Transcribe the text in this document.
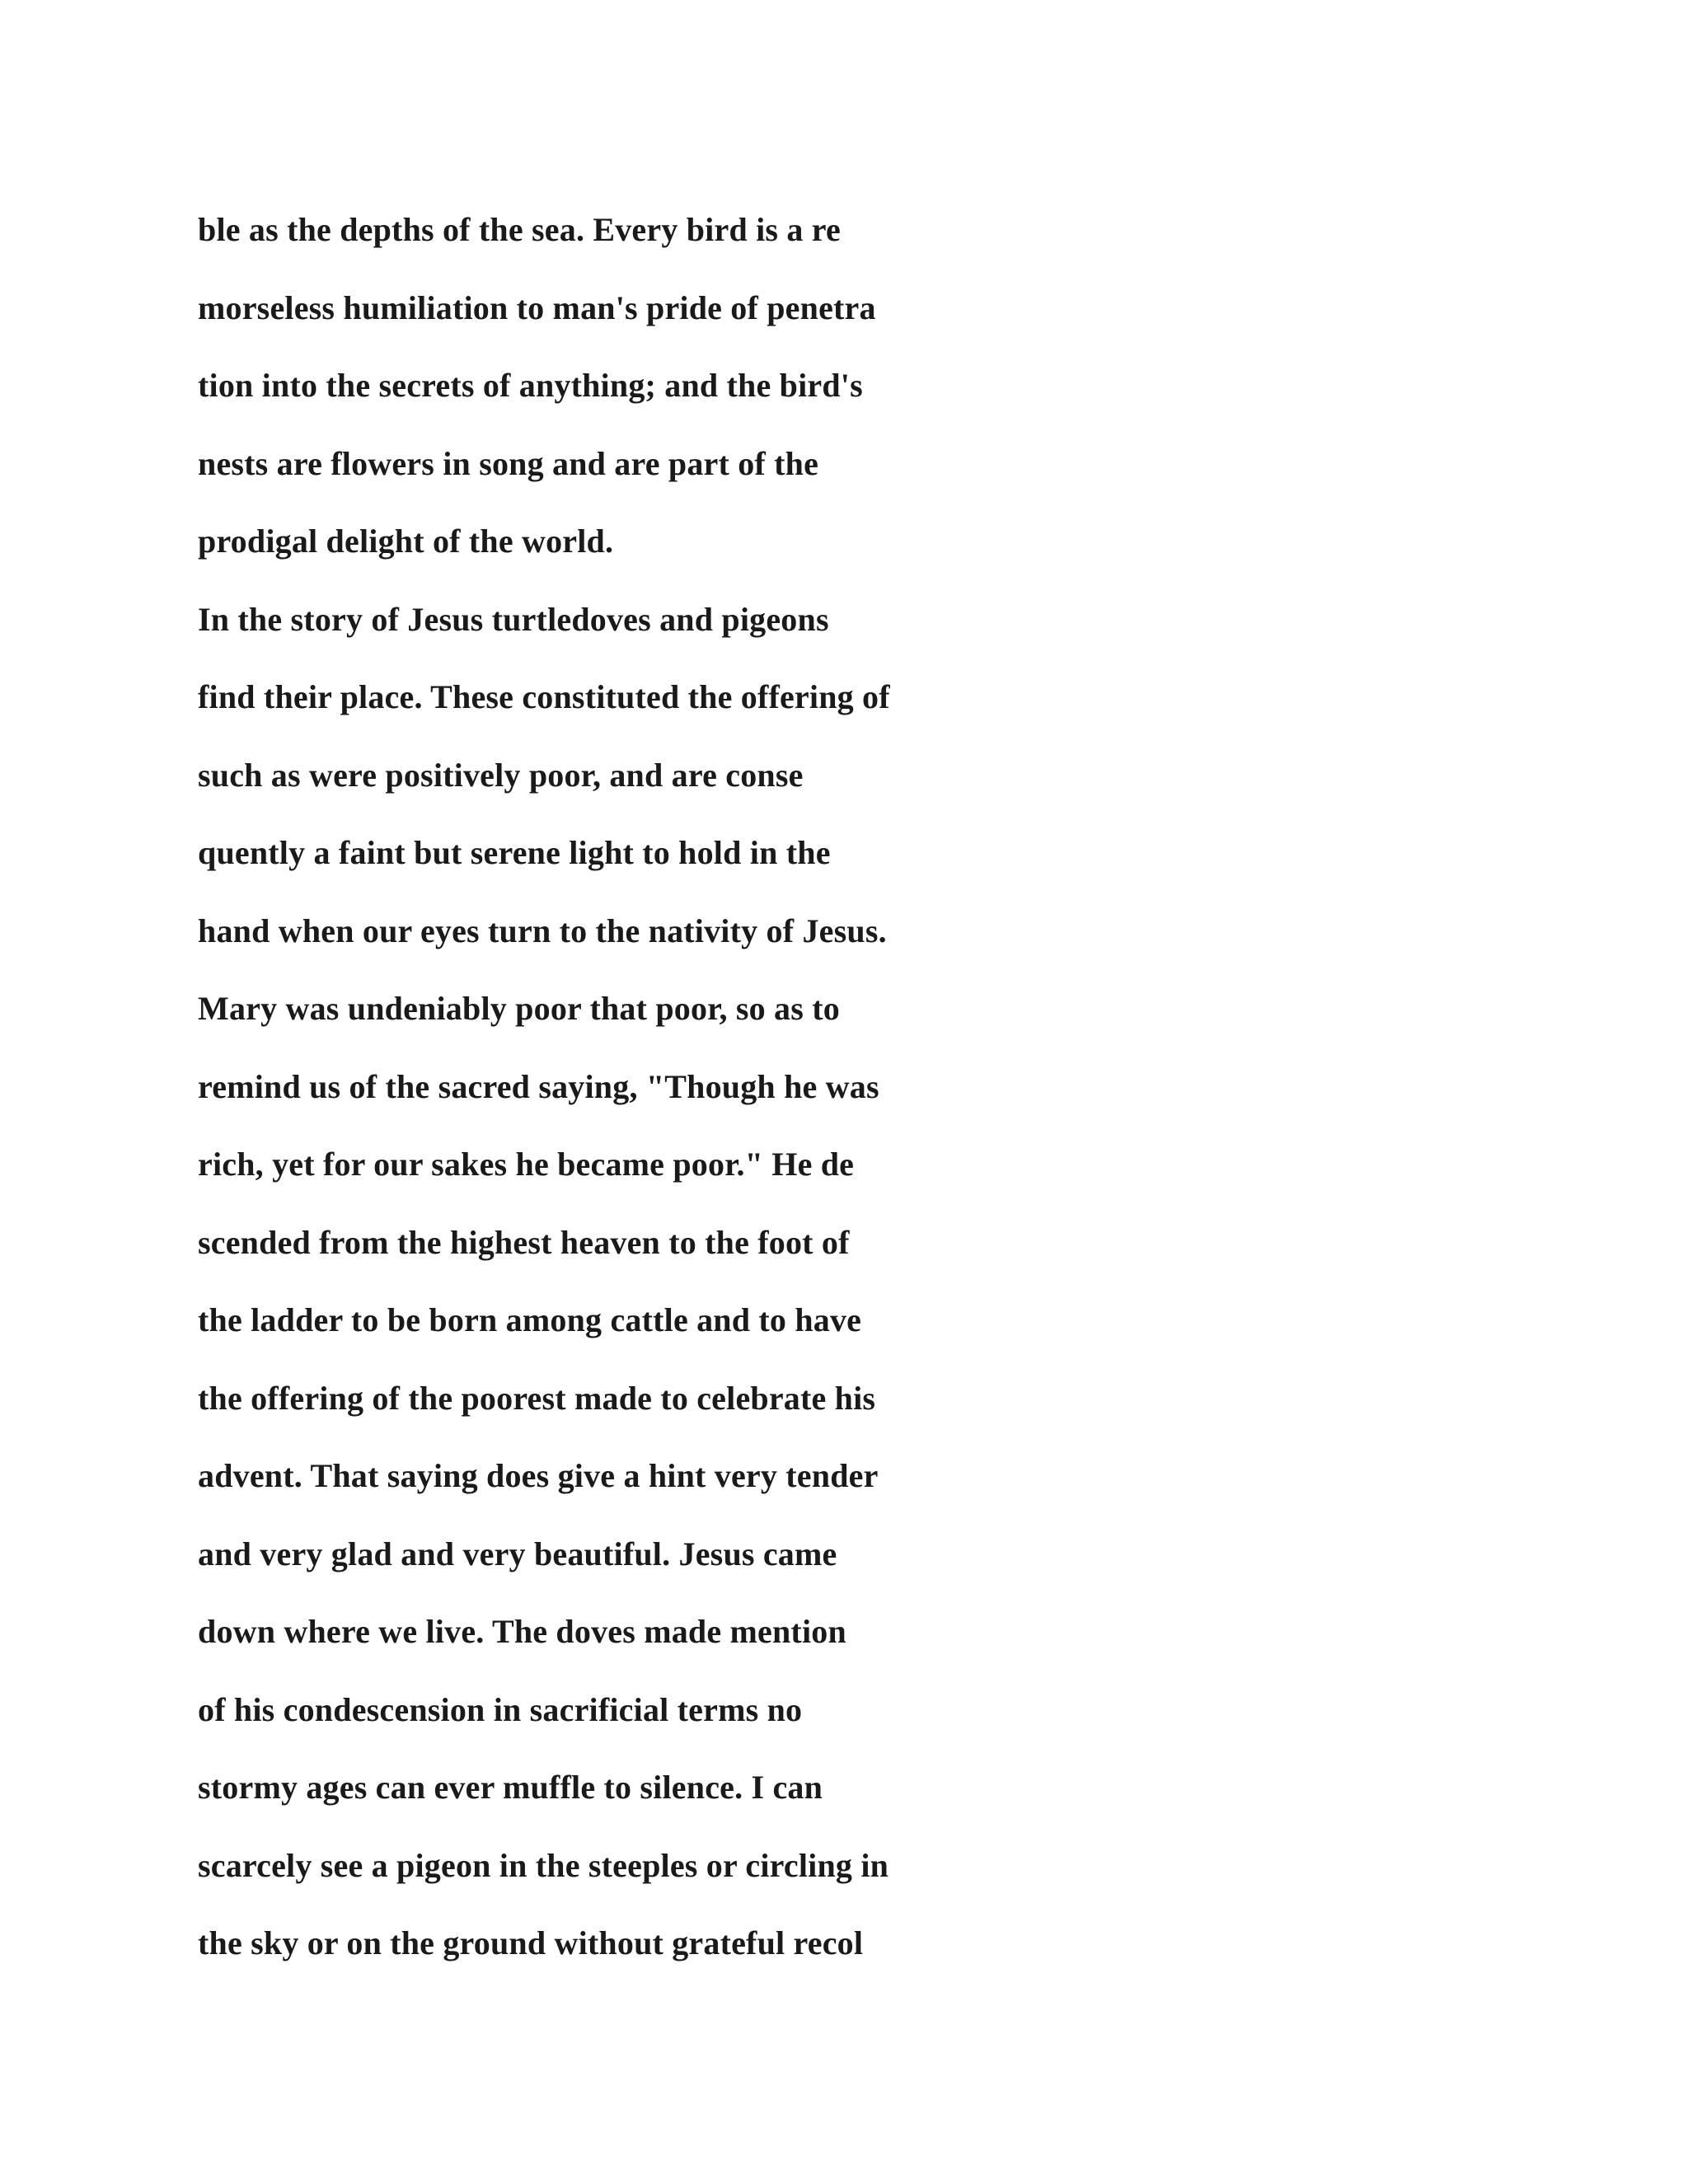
ble as the depths of the sea. Every bird is a re
morseless humiliation to man's pride of penetra
tion into the secrets of anything; and the bird's
nests are flowers in song and are part of the
prodigal delight of the world.
In the story of Jesus turtledoves and pigeons
find their place. These constituted the offering of
such as were positively poor, and are conse
quently a faint but serene light to hold in the
hand when our eyes turn to the nativity of Jesus.
Mary was undeniably poor that poor, so as to
remind us of the sacred saying, "Though he was
rich, yet for our sakes he became poor." He de
scended from the highest heaven to the foot of
the ladder to be born among cattle and to have
the offering of the poorest made to celebrate his
advent. That saying does give a hint very tender
and very glad and very beautiful. Jesus came
down where we live. The doves made mention
of his condescension in sacrificial terms no
stormy ages can ever muffle to silence. I can
scarcely see a pigeon in the steeples or circling in
the sky or on the ground without grateful recol
